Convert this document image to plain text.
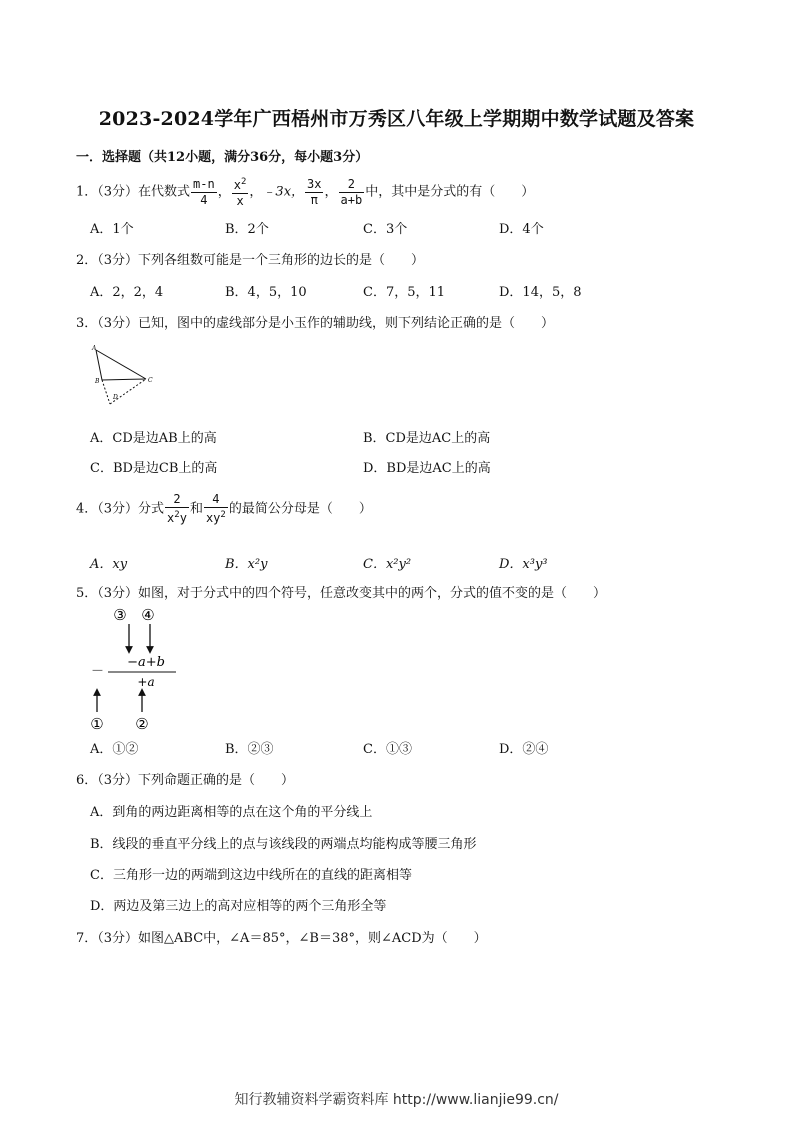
2023-2024学年广西梧州市万秀区八年级上学期期中数学试题及答案
一．选择题（共12小题，满分36分，每小题3分）
1．（3分）在代数式 $\frac{m-n}{4}$ ， $\frac{x^2}{x}$ ，﹣3x， $\frac{3x}{\pi}$ ， $\frac{2}{a+b}$ 中，其中是分式的有（　　）
A．1个	B．2个	C．3个	D．4个
2．（3分）下列各组数可能是一个三角形的边长的是（　　）
A．2，2，4	B．4，5，10	C．7，5，11	D．14，5，8
3．（3分）已知，图中的虚线部分是小玉作的辅助线，则下列结论正确的是（　　）
A
B	C
D
A．CD是边AB上的高	B．CD是边AC上的高
C．BD是边CB上的高	D．BD是边AC上的高
4．（3分）分式 $\frac{2}{x^2y}$ 和 $\frac{4}{xy^2}$ 的最简公分母是（　　）
A．xy	B．x²y	C．x²y²	D．x³y³
5．（3分）如图，对于分式中的四个符号，任意改变其中的两个，分式的值不变的是（　　）
③ ④
－
−a+b
+a
① ②
A．①②	B．②③	C．①③	D．②④
6．（3分）下列命题正确的是（　　）
A．到角的两边距离相等的点在这个角的平分线上
B．线段的垂直平分线上的点与该线段的两端点均能构成等腰三角形
C．三角形一边的两端到这边中线所在的直线的距离相等
D．两边及第三边上的高对应相等的两个三角形全等
7．（3分）如图△ABC中，∠A＝85°，∠B＝38°，则∠ACD为（　　）
知行教辅资料学霸资料库 http://www.lianjie99.cn/
